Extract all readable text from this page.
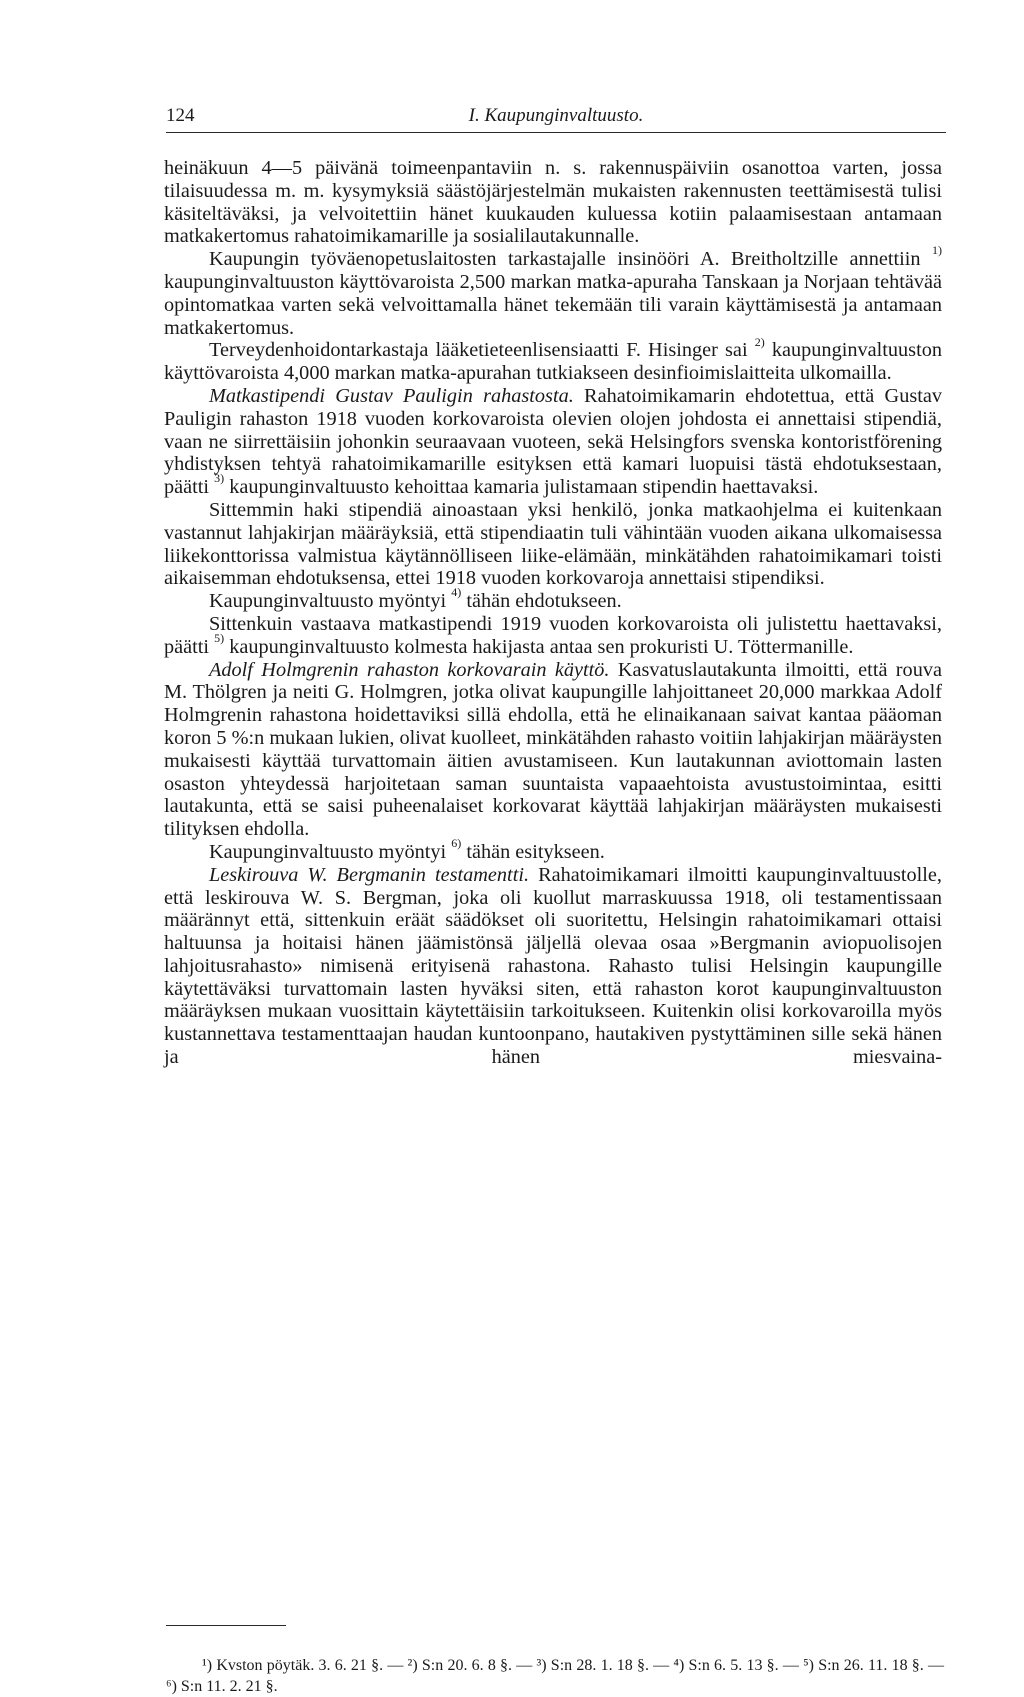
124	I. Kaupunginvaltuusto.

heinäkuun 4—5 päivänä toimeenpantaviin n. s. rakennuspäiviin osanottoa varten, jossa tilaisuudessa m. m. kysymyksiä säästöjärjestelmän mukaisten rakennusten teettämisestä tulisi käsiteltäväksi, ja velvoitettiin hänet kuukauden kuluessa kotiin palaamisestaan antamaan matkakertomus rahatoimikamarille ja sosialilautakunnalle.

Kaupungin työväenopetuslaitosten tarkastajalle insinööri A. Breitholtzille annettiin $^{1)}$ kaupunginvaltuuston käyttövaroista 2,500 markan matka-apuraha Tanskaan ja Norjaan tehtävää opintomatkaa varten sekä velvoittamalla hänet tekemään tili varain käyttämisestä ja antamaan matkakertomus.

Terveydenhoidontarkastaja lääketieteenlisensiaatti F. Hisinger sai $^{2)}$ kaupunginvaltuuston käyttövaroista 4,000 markan matka-apurahan tutkiakseen desinfioimislaitteita ulkomailla.

Matkastipendi Gustav Pauligin rahastosta. Rahatoimikamarin ehdotettua, että Gustav Pauligin rahaston 1918 vuoden korkovaroista olevien olojen johdosta ei annettaisi stipendiä, vaan ne siirrettäisiin johonkin seuraavaan vuoteen, sekä Helsingfors svenska kontoristförening yhdistyksen tehtyä rahatoimikamarille esityksen että kamari luopuisi tästä ehdotuksestaan, päätti $^{3)}$ kaupunginvaltuusto kehoittaa kamaria julistamaan stipendin haettavaksi.

Sittemmin haki stipendiä ainoastaan yksi henkilö, jonka matkaohjelma ei kuitenkaan vastannut lahjakirjan määräyksiä, että stipendiaatin tuli vähintään vuoden aikana ulkomaisessa liikekonttorissa valmistua käytännölliseen liike-elämään, minkätähden rahatoimikamari toisti aikaisemman ehdotuksensa, ettei 1918 vuoden korkovaroja annettaisi stipendiksi.

Kaupunginvaltuusto myöntyi $^{4)}$ tähän ehdotukseen.

Sittenkuin vastaava matkastipendi 1919 vuoden korkovaroista oli julistettu haettavaksi, päätti $^{5)}$ kaupunginvaltuusto kolmesta hakijasta antaa sen prokuristi U. Töttermanille.

Adolf Holmgrenin rahaston korkovarain käyttö. Kasvatuslautakunta ilmoitti, että rouva M. Thölgren ja neiti G. Holmgren, jotka olivat kaupungille lahjoittaneet 20,000 markkaa Adolf Holmgrenin rahastona hoidettaviksi sillä ehdolla, että he elinaikanaan saivat kantaa pääoman koron 5 %:n mukaan lukien, olivat kuolleet, minkätähden rahasto voitiin lahjakirjan määräysten mukaisesti käyttää turvattomain äitien avustamiseen. Kun lautakunnan aviottomain lasten osaston yhteydessä harjoitetaan saman suuntaista vapaaehtoista avustustoimintaa, esitti lautakunta, että se saisi puheenalaiset korkovarat käyttää lahjakirjan määräysten mukaisesti tilityksen ehdolla.

Kaupunginvaltuusto myöntyi $^{6)}$ tähän esitykseen.

Leskirouva W. Bergmanin testamentti. Rahatoimikamari ilmoitti kaupunginvaltuustolle, että leskirouva W. S. Bergman, joka oli kuollut marraskuussa 1918, oli testamentissaan määrännyt että, sittenkuin eräät säädökset oli suoritettu, Helsingin rahatoimikamari ottaisi haltuunsa ja hoitaisi hänen jäämistönsä jäljellä olevaa osaa »Bergmanin aviopuolisojen lahjoitusrahasto» nimisenä erityisenä rahastona. Rahasto tulisi Helsingin kaupungille käytettäväksi turvattomain lasten hyväksi siten, että rahaston korot kaupunginvaltuuston määräyksen mukaan vuosittain käytettäisiin tarkoitukseen. Kuitenkin olisi korkovaroilla myös kustannettava testamenttaajan haudan kuntoonpano, hautakiven pystyttäminen sille sekä hänen ja hänen miesvaina-

¹) Kvston pöytäk. 3. 6. 21 §. — ²) S:n 20. 6. 8 §. — ³) S:n 28. 1. 18 §. — ⁴) S:n 6. 5. 13 §. — ⁵) S:n 26. 11. 18 §. — ⁶) S:n 11. 2. 21 §.
